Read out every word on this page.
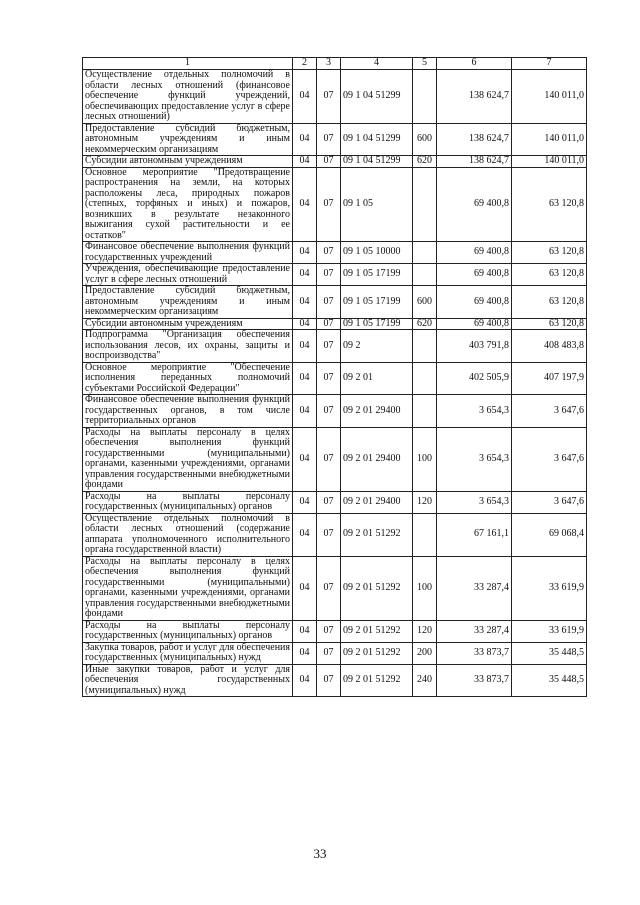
1	2	3	4	5	6	7
Осуществление отдельных полномочий в области лесных отношений (финансовое обеспечение функций учреждений, обеспечивающих предоставление услуг в сфере лесных отношений)	04	07	09 1 04 51299		138 624,7	140 011,0
Предоставление субсидий бюджетным, автономным учреждениям и иным некоммерческим организациям	04	07	09 1 04 51299	600	138 624,7	140 011,0
Субсидии автономным учреждениям	04	07	09 1 04 51299	620	138 624,7	140 011,0
Основное мероприятие "Предотвращение распространения на земли, на которых расположены леса, природных пожаров (степных, торфяных и иных) и пожаров, возникших в результате незаконного выжигания сухой растительности и ее остатков"	04	07	09 1 05		69 400,8	63 120,8
Финансовое обеспечение выполнения функций государственных учреждений	04	07	09 1 05 10000		69 400,8	63 120,8
Учреждения, обеспечивающие предоставление услуг в сфере лесных отношений	04	07	09 1 05 17199		69 400,8	63 120,8
Предоставление субсидий бюджетным, автономным учреждениям и иным некоммерческим организациям	04	07	09 1 05 17199	600	69 400,8	63 120,8
Субсидии автономным учреждениям	04	07	09 1 05 17199	620	69 400,8	63 120,8
Подпрограмма "Организация обеспечения использования лесов, их охраны, защиты и воспроизводства"	04	07	09 2		403 791,8	408 483,8
Основное мероприятие "Обеспечение исполнения переданных полномочий субъектами Российской Федерации"	04	07	09 2 01		402 505,9	407 197,9
Финансовое обеспечение выполнения функций государственных органов, в том числе территориальных органов	04	07	09 2 01 29400		3 654,3	3 647,6
Расходы на выплаты персоналу в целях обеспечения выполнения функций государственными (муниципальными) органами, казенными учреждениями, органами управления государственными внебюджетными фондами	04	07	09 2 01 29400	100	3 654,3	3 647,6
Расходы на выплаты персоналу государственных (муниципальных) органов	04	07	09 2 01 29400	120	3 654,3	3 647,6
Осуществление отдельных полномочий в области лесных отношений (содержание аппарата уполномоченного исполнительного органа государственной власти)	04	07	09 2 01 51292		67 161,1	69 068,4
Расходы на выплаты персоналу в целях обеспечения выполнения функций государственными (муниципальными) органами, казенными учреждениями, органами управления государственными внебюджетными фондами	04	07	09 2 01 51292	100	33 287,4	33 619,9
Расходы на выплаты персоналу государственных (муниципальных) органов	04	07	09 2 01 51292	120	33 287,4	33 619,9
Закупка товаров, работ и услуг для обеспечения государственных (муниципальных) нужд	04	07	09 2 01 51292	200	33 873,7	35 448,5
Иные закупки товаров, работ и услуг для обеспечения государственных (муниципальных) нужд	04	07	09 2 01 51292	240	33 873,7	35 448,5
33
